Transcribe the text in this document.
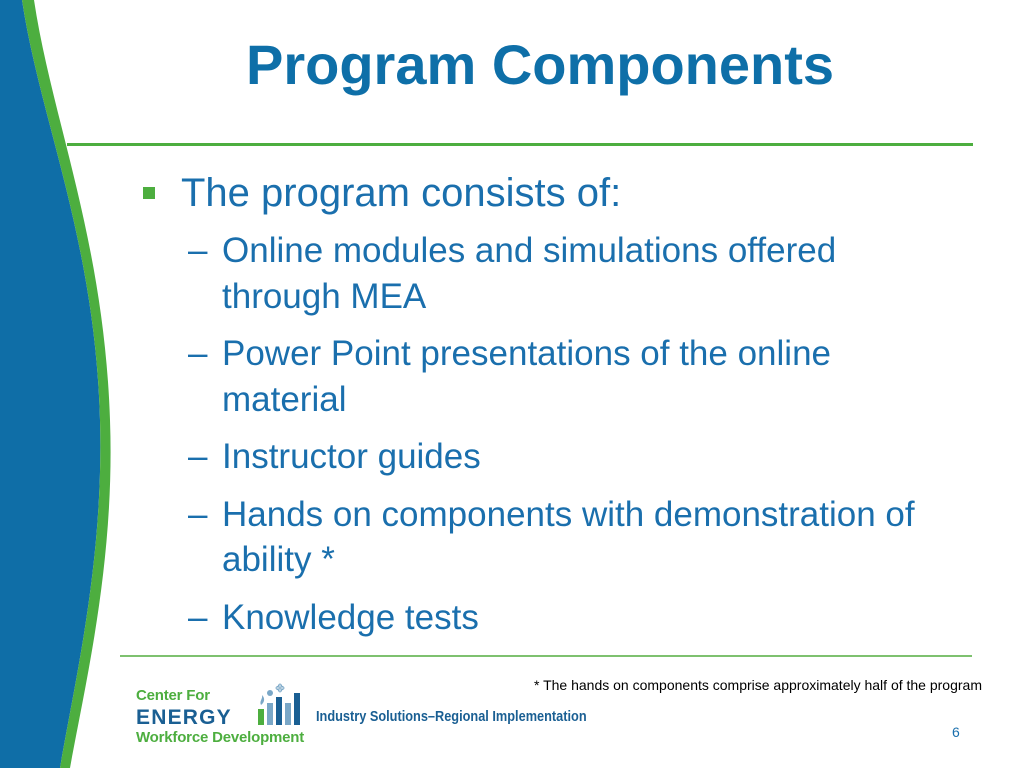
Program Components
The program consists of:
– Online modules and simulations offered through MEA
– Power Point presentations of the online material
– Instructor guides
– Hands on components with demonstration of ability *
– Knowledge tests
* The hands on components comprise approximately half of the program
Center For
ENERGY
Workforce Development
Industry Solutions–Regional Implementation
6
